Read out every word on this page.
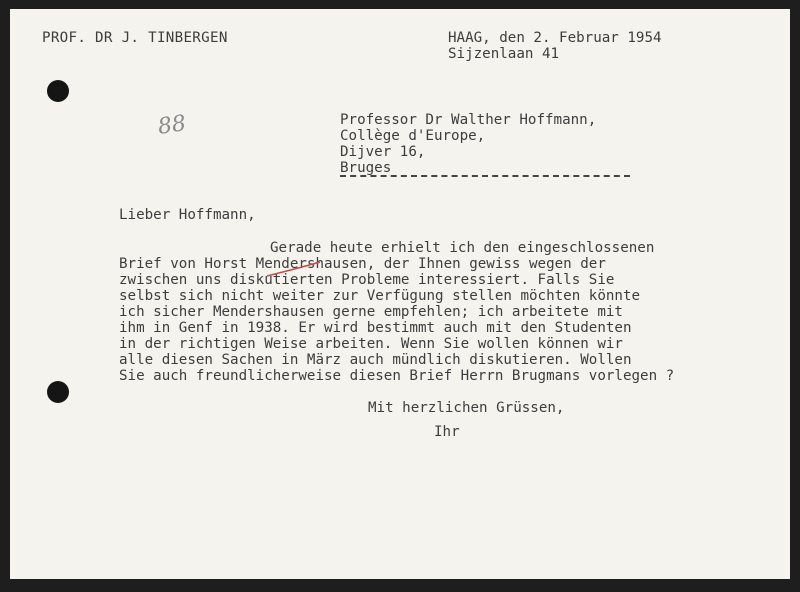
PROF. DR J. TINBERGEN	HAAG, den 2. Februar 1954
Sijzenlaan 41
88	Professor Dr Walther Hoffmann,
Collège d'Europe,
Dijver 16,
Bruges
Lieber Hoffmann,
Gerade heute erhielt ich den eingeschlossenen
Brief von Horst Mendershausen, der Ihnen gewiss wegen der
zwischen uns diskutierten Probleme interessiert. Falls Sie
selbst sich nicht weiter zur Verfügung stellen möchten könnte
ich sicher Mendershausen gerne empfehlen; ich arbeitete mit
ihm in Genf in 1938. Er wird bestimmt auch mit den Studenten
in der richtigen Weise arbeiten. Wenn Sie wollen können wir
alle diesen Sachen in März auch mündlich diskutieren. Wollen
Sie auch freundlicherweise diesen Brief Herrn Brugmans vorlegen ?
Mit herzlichen Grüssen,
Ihr
